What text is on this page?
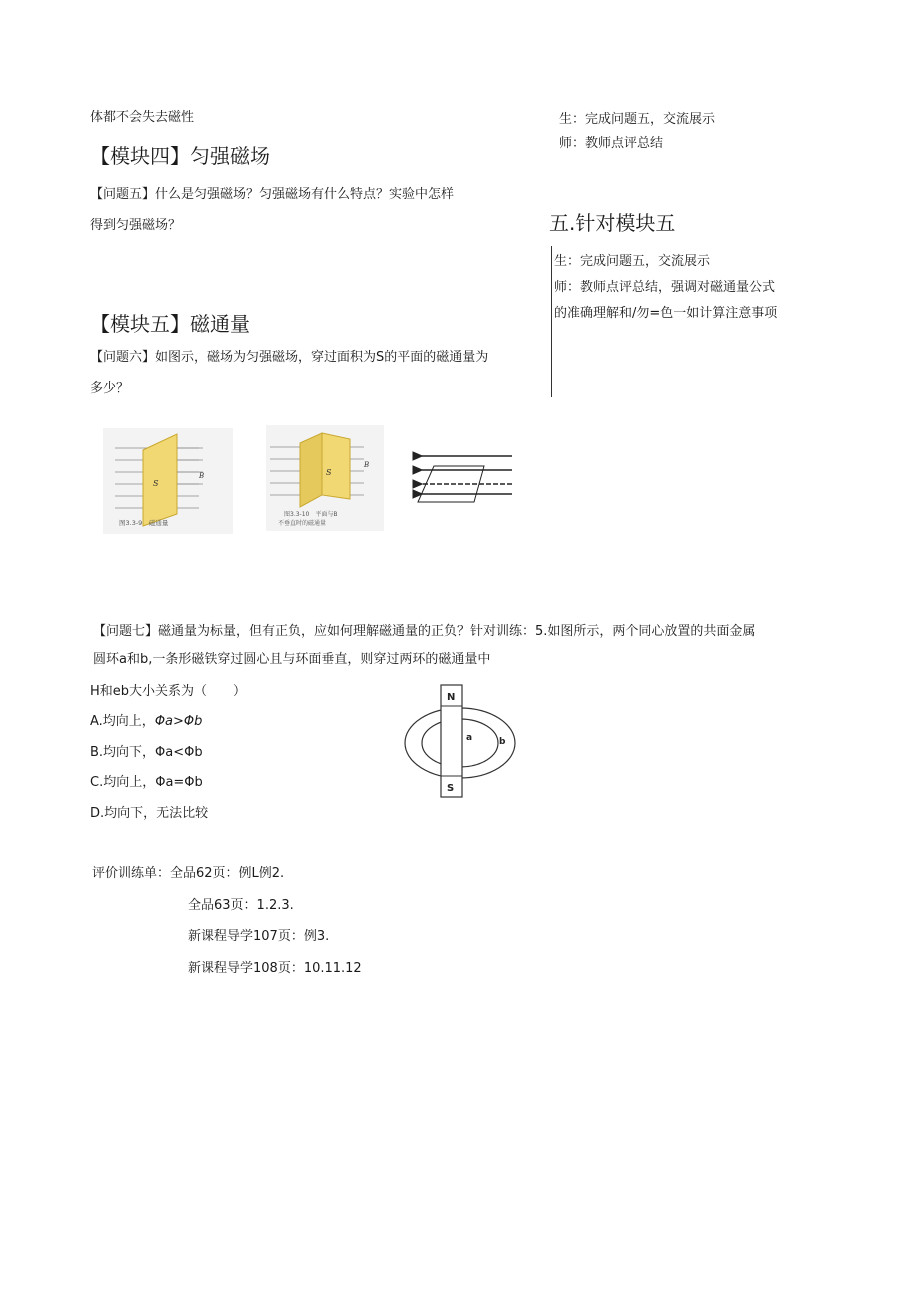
体都不会失去磁性
【模块四】匀强磁场
【问题五】什么是匀强磁场？匀强磁场有什么特点？实验中怎样
得到匀强磁场？
【模块五】磁通量
【问题六】如图示，磁场为匀强磁场，穿过面积为S的平面的磁通量为
多少？
生：完成问题五，交流展示
师：教师点评总结
五.针对模块五
生：完成问题五，交流展示
师：教师点评总结，强调对磁通量公式
的准确理解和/勿=色一如计算注意事项
S
B
图3.3-9　磁通量
S
B
图3.3-10　平面与B
不垂直时的磁通量
【问题七】磁通量为标量，但有正负，应如何理解磁通量的正负？针对训练：5.如图所示，两个同心放置的共面金属
圆环a和b,一条形磁铁穿过圆心且与环面垂直，则穿过两环的磁通量中
H和eb大小关系为（　　）
A.均向上，Φa>Φb
B.均向下，Φa<Φb
C.均向上，Φa=Φb
D.均向下，无法比较
N
S
a	b
评价训练单：全品62页：例L例2.
全品63页：1.2.3.
新课程导学107页：例3.
新课程导学108页：10.11.12
